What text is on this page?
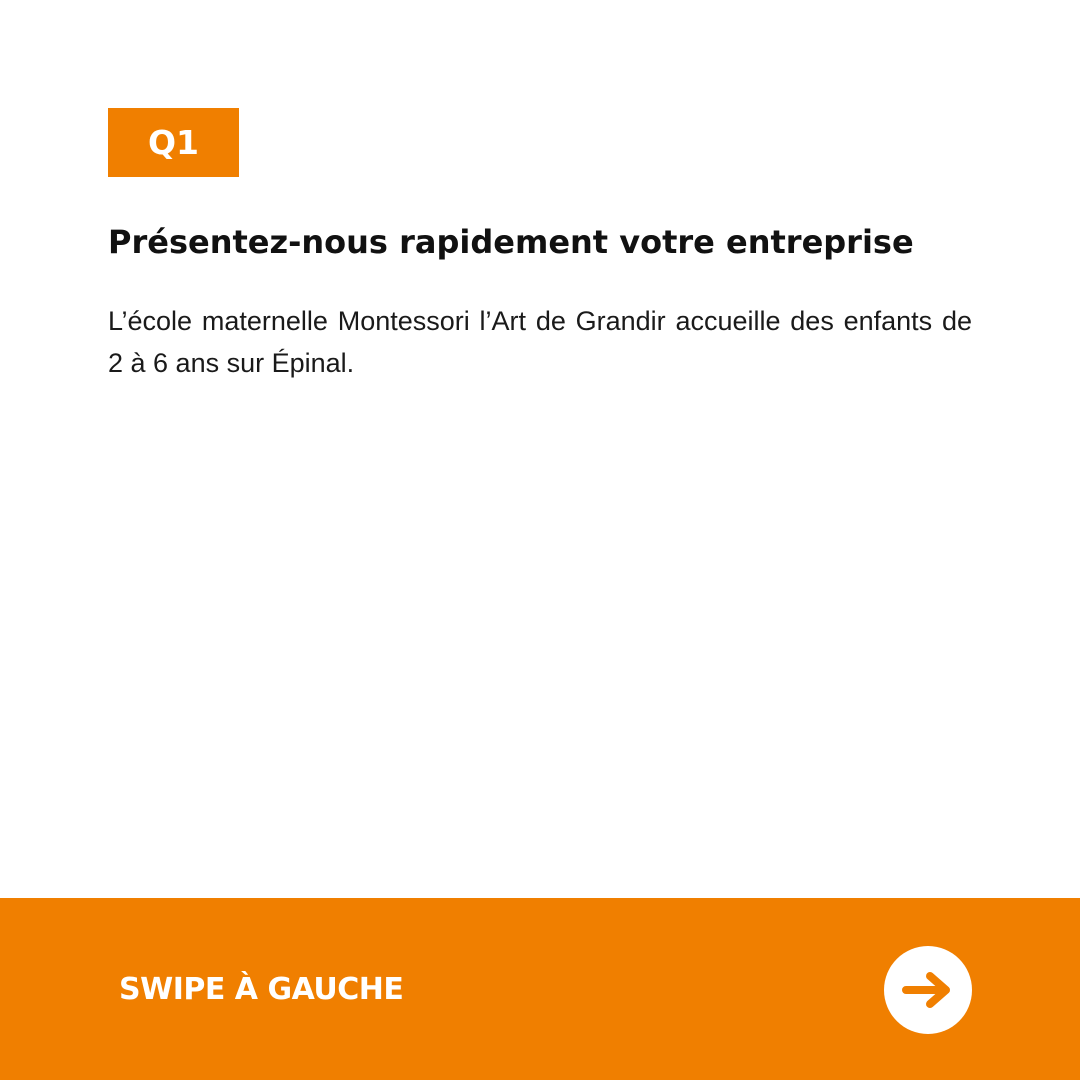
Q1
Présentez-nous rapidement votre entreprise

L’école maternelle Montessori l’Art de Grandir accueille des enfants de 2 à 6 ans sur Épinal.

SWIPE À GAUCHE
